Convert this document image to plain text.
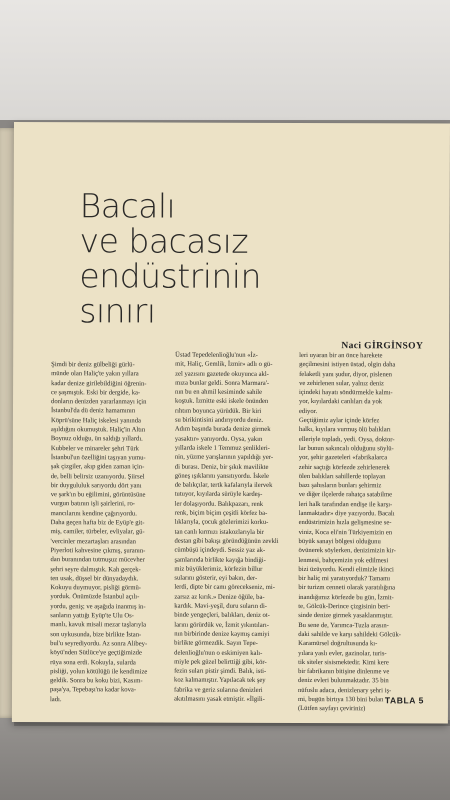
Bacalı
ve bacasız
endüstrinin
sınırı
Naci GİRGİNSOY
Şimdi bir deniz gülbeliği gürlü-
münde olan Haliç'te yakın yıllara
kadar denize girilebildiğini öğrenin-
ce şaşmıştık. Eski bir dergide, ka-
donların denizden yararlanmayı için
İstanbul'da dü deniz hamamının
Köprü'süne Haliç iskelesi yanında
aşıldığını okumuştuk. Haliç'in Altın
Boynuz olduğu, ün saldığı yıllardı.
Kubbeler ve minareler şehri Türk
İstanbul'un özelliğini taşıyan yumu-
şak çizgiler, akıp giden zaman için-
de, belli belirsiz uzanıyordu. Şiirsel
bir duygululuk sarıyordu dört yanı
ve şark'ın bu eğilimini, görüntüsüne
vurgun batının işli şairlerini, ro-
mancılarını kendine çağırıyordu.
Daha geçen hafta biz de Eyüp'e git-
miş, camiler, türbeler, evliyalar, gü-
'vercinler mezartaşları arasından
Piyerloti kahvesine çıkmış, şuranın-
dan buranından tutmuşuz mücevher
şehri seyre dalmıştık. Kah gerçek-
ten usak, düşsel bir dünyadaydık.
Kokuyu duymuyor, pisliği görmü-
yorduk. Önümüzde İstanbul açılı-
yordu, geniş; ve aşağıda inanmış in-
sanların yattığı Eyüp'te Ulu Os-
manlı, kavuk misali mezar taşlarıyla
son uykusunda, bize birlikte İstan-
bul'u seyrediyordu. Az sonra Alibey-
köyü'nden Sütlüce'ye geçtiğimizde
rüya sona erdi. Kokuyla, sularda
pisliği, yolun kötülüğü ile kendimize
geldik. Sonra bu koku bizi, Kasım-
paşa'ya, Tepebaşı'na kadar kova-
ladı.
Üstad Tepedelenlioğlu'nun «İz-
mit, Haliç, Gemlik, İzmir» adlı o gü-
zel yazısını gazetede okuyunca akl-
mıza bunlar geldi. Sonra Marmara'-
nın bu en ahmil kesiminde sahile
koştuk. İzmitte eski iskele önünden
rıhtım boyunca yürüdük. Bir kiri
su birikintisini andırıyordu deniz.
Adım başında burada denize girmek
yasaktır» yanıyordu. Oysa, yakın
yıllarda iskele 1 Temmuz şenlikleri-
nin, yüzme yarışlarının yapıldığı yer-
di burası. Deniz, bir şıkık mavilikte
göneş ışıklarını yansıtıyordu. İskele
de balıkçılar, tertk kafalarıyla ilervek
tutuyor, kıyılarda sürüyle kardeş-
ler dolaşıyordu. Balıkpazarı, renk
renk, biçim biçim çeşitli körfez ba-
lıklarıyla, çocuk gözlerimizi korku-
tan canlı kırmızı istakozlarıyla bir
destan gibi bakışı göründüğünün zevkli
cümbüşü içindeydi. Sessiz yaz ak-
şamlarında birlikte kayığa bindiği-
miz büyüklerimiz, körfezin billur
sularını gösterir, eyi bakın, der-
lerdi, dipte bir camı görecekseniz, mi-
zarsız az kırık.» Denize öğüle, ba-
kardık. Mavi-yeşil, duru suların di-
binde yengeçleri, balıkları, deniz ot-
larını görürdük ve, İzmit yıkıntıları-
nın birbirinde denize kaymış camiyi
birlikte görmezdik. Sayın Tepe-
delenlioğlu'nun o eskimiyen kalı-
miyle pek güzel belirttiği gibi, kör-
fezin suları pistir şimdi. Balık, isti-
koz kalmamıştır. Yapılacak tek şey
fabrika ve geriz sularına denizleri
akıtılmasını yasak etmiştir. «İlgili-
leri uyaran bir an önce harekete
geçilmesini istiyen üstad, olgin daha
felaketli yanı şudur, diyor, pislenen
ve zehirlenen sular, yalnız deniz
içindeki hayatı söndürmekle kalmı-
yor, kıyılardaki canlıları da yok
ediyor.
Geçtiğimiz aylar içinde körfez
halkı, kıyılara vurmuş ölü balıkları
elleriyle topladı, yedi. Oysa, doktor-
lar bunun sakıncalı olduğunu söylü-
yor, şehir gazeteleri «fabrikalarca
zehir saçtığı körfezde zehirlenerek
ölen balıkları sahillerde toplayan
bazı şahısların bunları şehirmiz
ve diğer ilçelerde rahatça satabilme
leri halk tarafından endişe ile karşı-
lanmaktadır» diye yazıyordu. Bacalı
endüstrimizin hızla gelişmesine se-
viniz, Koca eli'nin Türkiyemizin en
büyük sanayi bölgesi olduğunu
övünerek söylerken, denizimizin kir-
lenmesi, bahçemizin yok edilmesi
bizi üzüyordu. Kendi elimizle ikinci
bir haliç mi yaratıyorduk? Tamamı
bir turizm cenneti olarak yaratılığına
inandığımız körfezde bu gün, İzmit-
te, Gölcük-Derince çizgisinin beri-
sinde denize girmek yasaklanmıştır.
Bu sene de, Yarımca-Tuzla arasın-
daki sahilde ve karşı sahildeki Gölcük-
Karamürsel doğrultusunda kı-
yılara yaslı evler, gazinolar, turis-
tik siteler sisismektedir. Kimi kere
bir fabrikanın bitişine dinlenme ve
deniz evleri bulunmaktadır. 35 bin
nüfuslu adaca, denizlenary şehri iş-
mi, bugün birtıya 130 bini bulan
(Lütfen sayfayı çeviriniz)
TABLA 5
